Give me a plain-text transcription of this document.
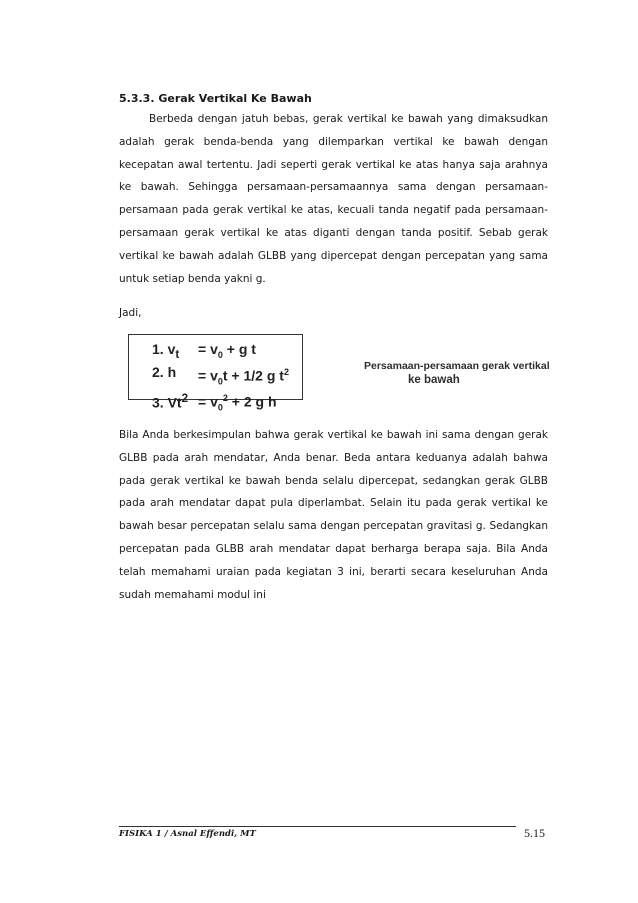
5.3.3. Gerak Vertikal Ke Bawah
Berbeda dengan jatuh bebas, gerak vertikal ke bawah yang dimaksudkan adalah gerak benda-benda yang dilemparkan vertikal ke bawah dengan kecepatan awal tertentu. Jadi seperti gerak vertikal ke atas hanya saja arahnya ke bawah. Sehingga persamaan-persamaannya sama dengan persamaan-persamaan pada gerak vertikal ke atas, kecuali tanda negatif pada persamaan-persamaan gerak vertikal ke atas diganti dengan tanda positif. Sebab gerak vertikal ke bawah adalah GLBB yang dipercepat dengan percepatan yang sama untuk setiap benda yakni g.
Jadi,
1. $v_t$	= $v_0 + g$ t
2. h	= $v_0t + 1/2$ g $t^2$
3. $Vt^2 = v_0^2 + 2$ g h
Persamaan-persamaan gerak vertikal
ke bawah
Bila Anda berkesimpulan bahwa gerak vertikal ke bawah ini sama dengan gerak GLBB pada arah mendatar, Anda benar. Beda antara keduanya adalah bahwa pada gerak vertikal ke bawah benda selalu dipercepat, sedangkan gerak GLBB pada arah mendatar dapat pula diperlambat. Selain itu pada gerak vertikal ke bawah besar percepatan selalu sama dengan percepatan gravitasi g. Sedangkan percepatan pada GLBB arah mendatar dapat berharga berapa saja. Bila Anda telah memahami uraian pada kegiatan 3 ini, berarti secara keseluruhan Anda sudah memahami modul ini
FISIKA 1 / Asnal Effendi, MT	5.15
